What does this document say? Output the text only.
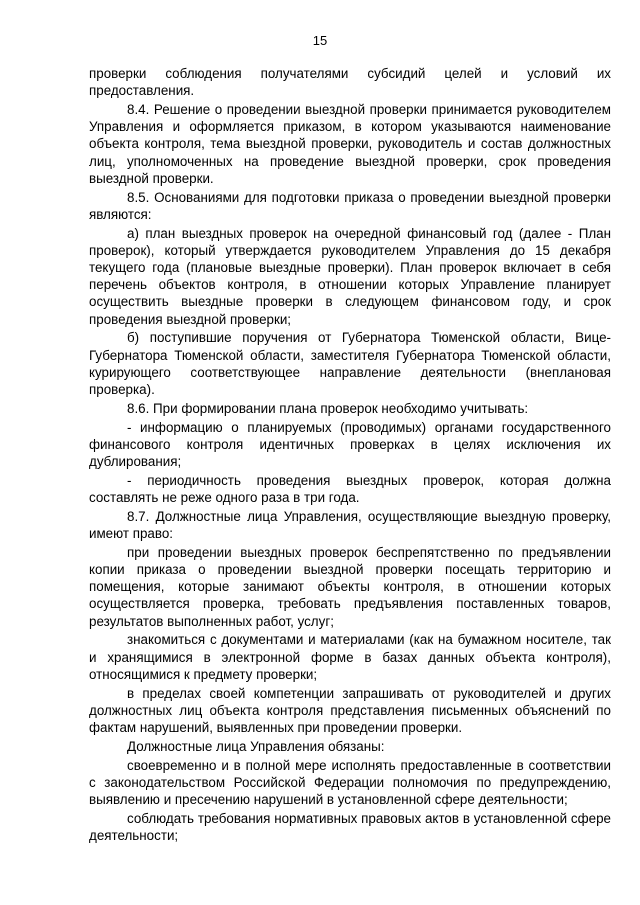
15

проверки соблюдения получателями субсидий целей и условий их предоставления.

8.4. Решение о проведении выездной проверки принимается руководителем Управления и оформляется приказом, в котором указываются наименование объекта контроля, тема выездной проверки, руководитель и состав должностных лиц, уполномоченных на проведение выездной проверки, срок проведения выездной проверки.

8.5. Основаниями для подготовки приказа о проведении выездной проверки являются:

а) план выездных проверок на очередной финансовый год (далее - План проверок), который утверждается руководителем Управления до 15 декабря текущего года (плановые выездные проверки). План проверок включает в себя перечень объектов контроля, в отношении которых Управление планирует осуществить выездные проверки в следующем финансовом году, и срок проведения выездной проверки;

б) поступившие поручения от Губернатора Тюменской области, Вице-Губернатора Тюменской области, заместителя Губернатора Тюменской области, курирующего соответствующее направление деятельности (внеплановая проверка).

8.6. При формировании плана проверок необходимо учитывать:

- информацию о планируемых (проводимых) органами государственного финансового контроля идентичных проверках в целях исключения их дублирования;

- периодичность проведения выездных проверок, которая должна составлять не реже одного раза в три года.

8.7. Должностные лица Управления, осуществляющие выездную проверку, имеют право:

при проведении выездных проверок беспрепятственно по предъявлении копии приказа о проведении выездной проверки посещать территорию и помещения, которые занимают объекты контроля, в отношении которых осуществляется проверка, требовать предъявления поставленных товаров, результатов выполненных работ, услуг;

знакомиться с документами и материалами (как на бумажном носителе, так и хранящимися в электронной форме в базах данных объекта контроля), относящимися к предмету проверки;

в пределах своей компетенции запрашивать от руководителей и других должностных лиц объекта контроля представления письменных объяснений по фактам нарушений, выявленных при проведении проверки.

Должностные лица Управления обязаны:

своевременно и в полной мере исполнять предоставленные в соответствии с законодательством Российской Федерации полномочия по предупреждению, выявлению и пресечению нарушений в установленной сфере деятельности;

соблюдать требования нормативных правовых актов в установленной сфере деятельности;
